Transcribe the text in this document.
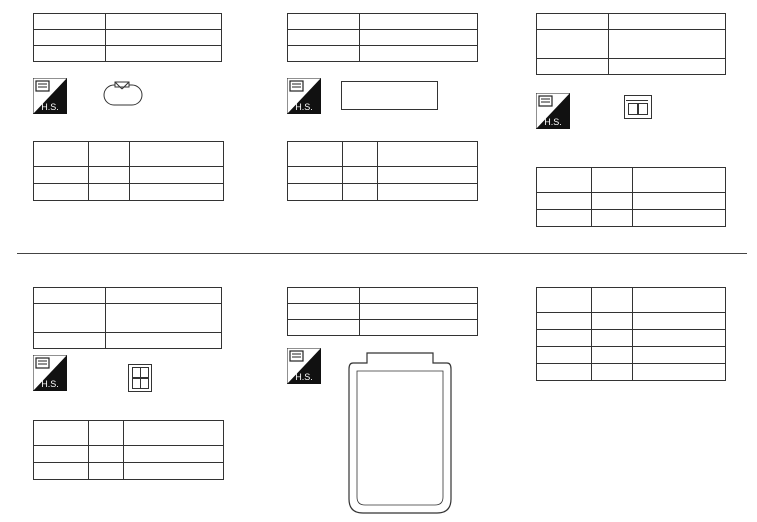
H.S.

		H.S.

H.S.

H.S.

H.S.
